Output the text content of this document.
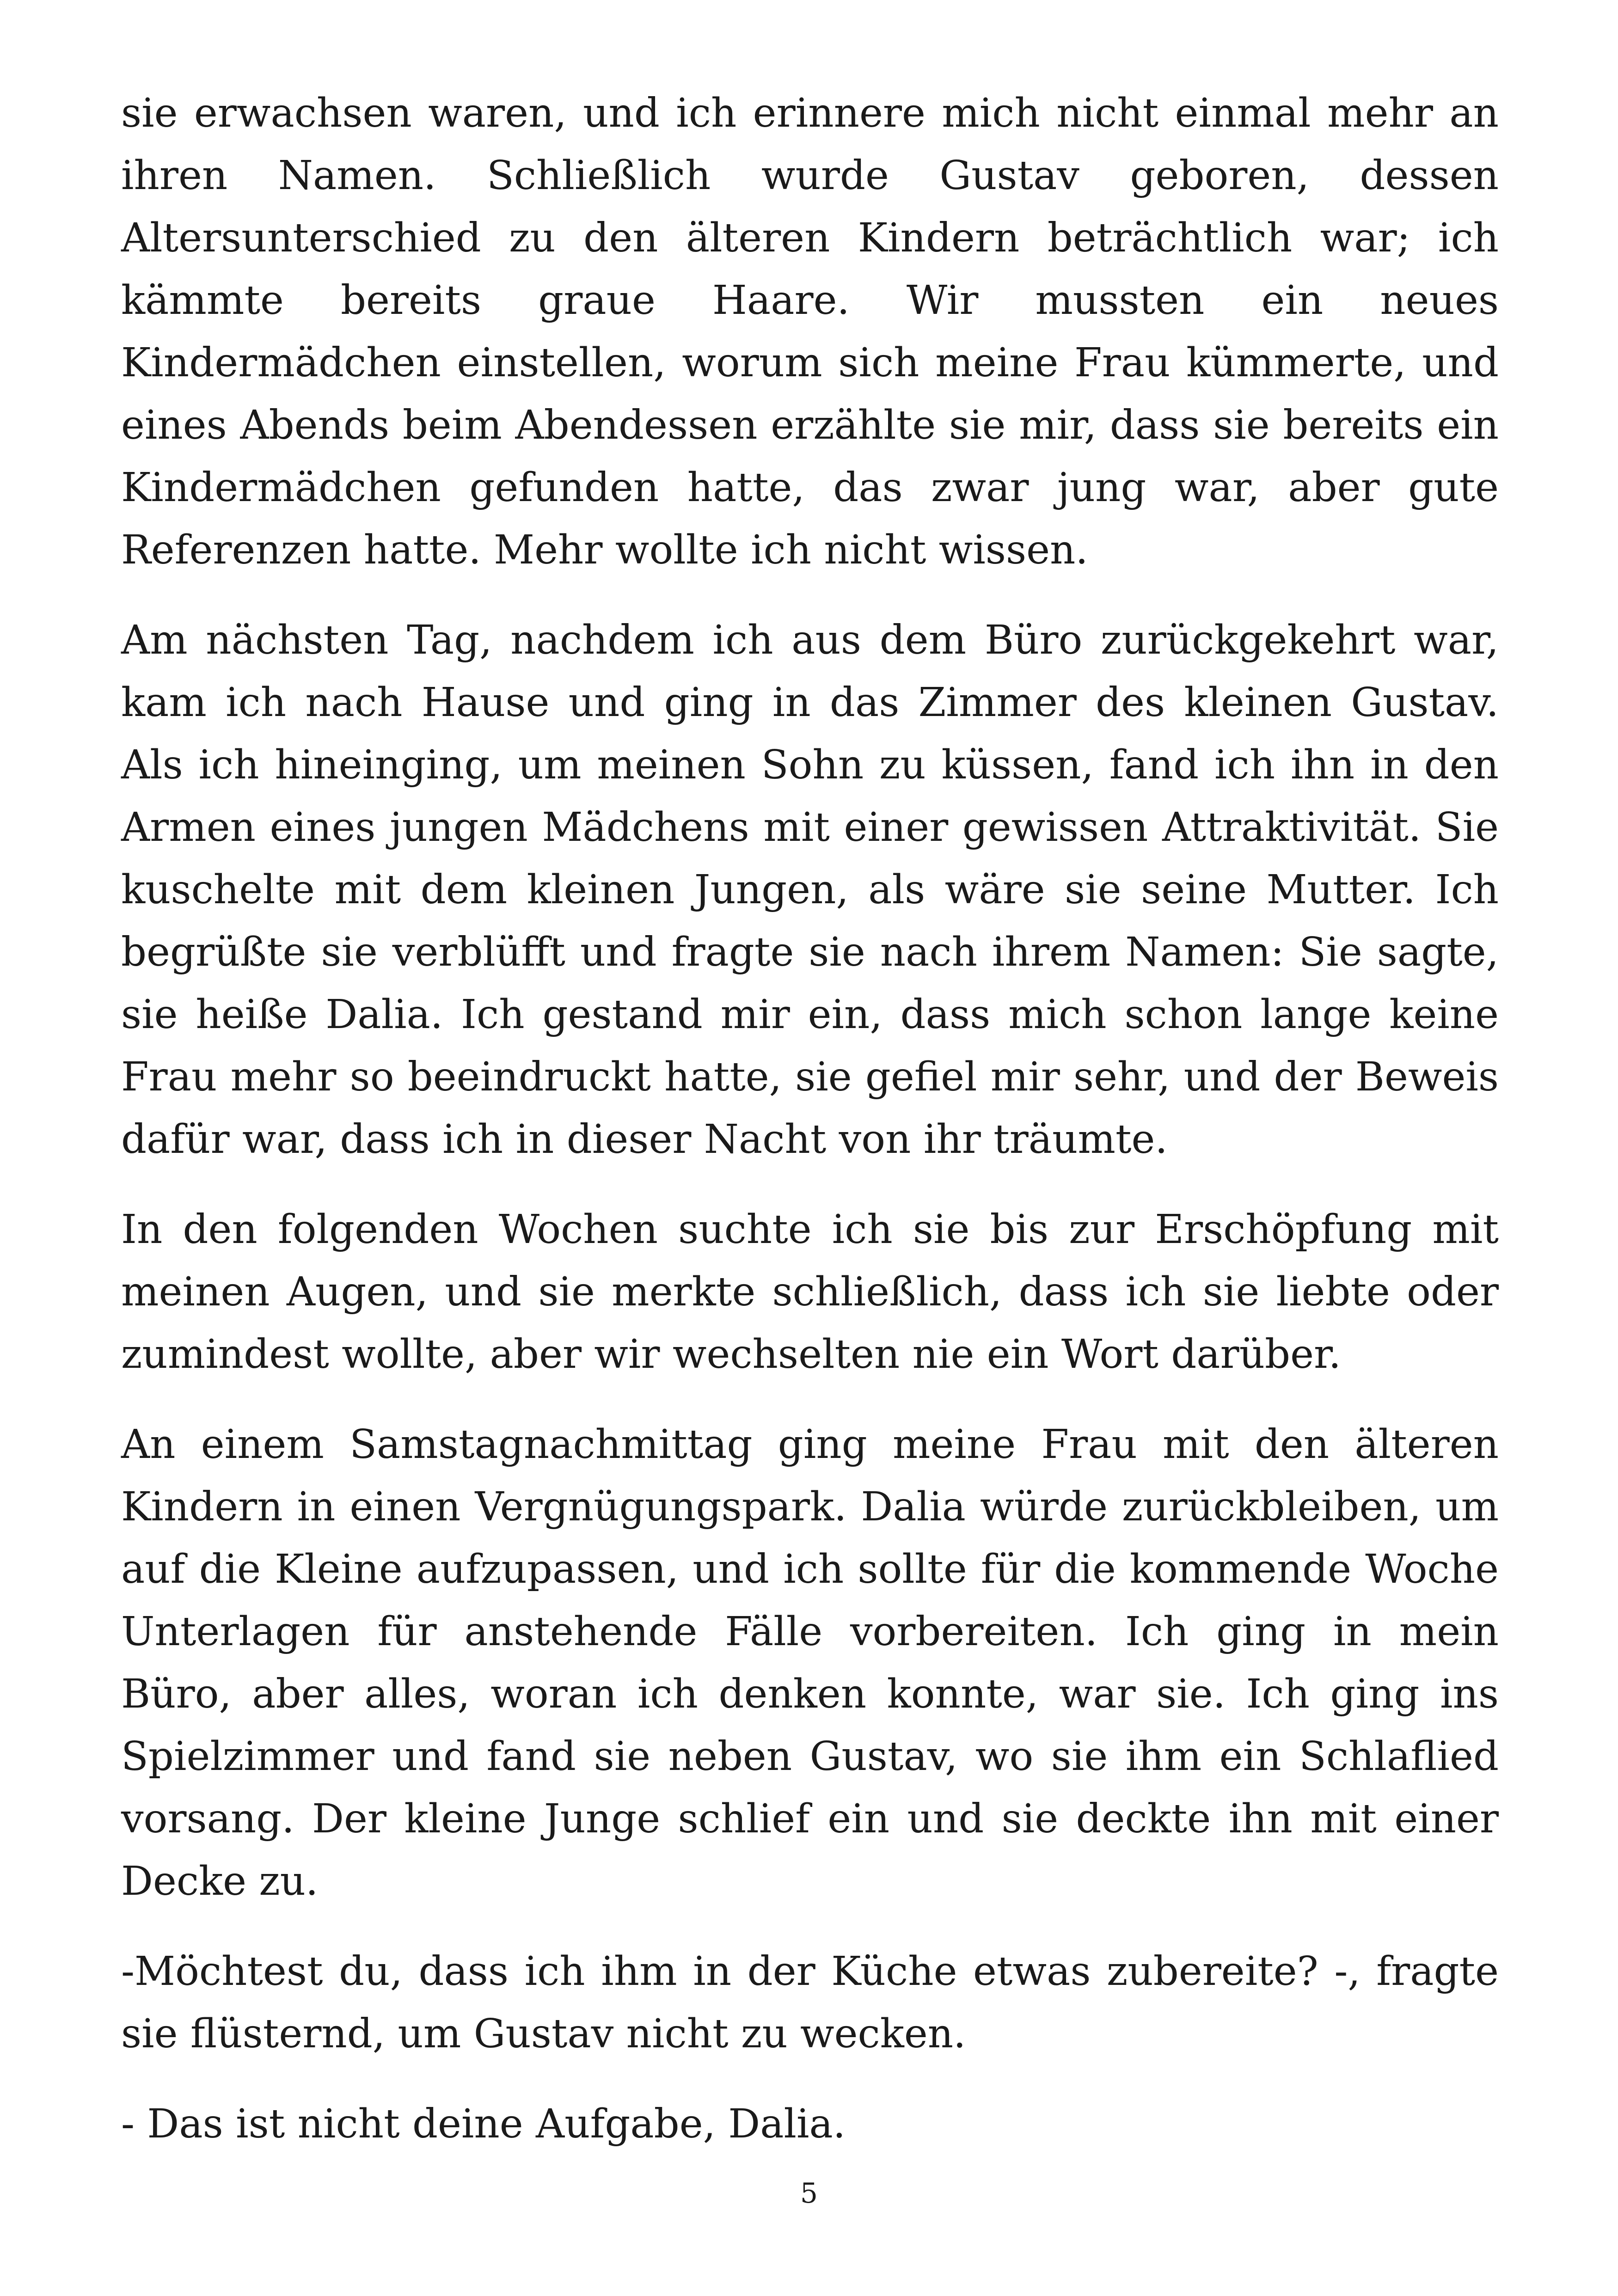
sie erwachsen waren, und ich erinnere mich nicht einmal mehr an ihren Namen. Schließlich wurde Gustav geboren, dessen Altersunterschied zu den älteren Kindern beträchtlich war; ich kämmte bereits graue Haare. Wir mussten ein neues Kindermädchen einstellen, worum sich meine Frau kümmerte, und eines Abends beim Abendessen erzählte sie mir, dass sie bereits ein Kindermädchen gefunden hatte, das zwar jung war, aber gute Referenzen hatte. Mehr wollte ich nicht wissen.

Am nächsten Tag, nachdem ich aus dem Büro zurückgekehrt war, kam ich nach Hause und ging in das Zimmer des kleinen Gustav. Als ich hineinging, um meinen Sohn zu küssen, fand ich ihn in den Armen eines jungen Mädchens mit einer gewissen Attraktivität. Sie kuschelte mit dem kleinen Jungen, als wäre sie seine Mutter. Ich begrüßte sie verblüfft und fragte sie nach ihrem Namen: Sie sagte, sie heiße Dalia. Ich gestand mir ein, dass mich schon lange keine Frau mehr so beeindruckt hatte, sie gefiel mir sehr, und der Beweis dafür war, dass ich in dieser Nacht von ihr träumte.

In den folgenden Wochen suchte ich sie bis zur Erschöpfung mit meinen Augen, und sie merkte schließlich, dass ich sie liebte oder zumindest wollte, aber wir wechselten nie ein Wort darüber.

An einem Samstagnachmittag ging meine Frau mit den älteren Kindern in einen Vergnügungspark. Dalia würde zurückbleiben, um auf die Kleine aufzupassen, und ich sollte für die kommende Woche Unterlagen für anstehende Fälle vorbereiten. Ich ging in mein Büro, aber alles, woran ich denken konnte, war sie. Ich ging ins Spielzimmer und fand sie neben Gustav, wo sie ihm ein Schlaflied vorsang. Der kleine Junge schlief ein und sie deckte ihn mit einer Decke zu.

-Möchtest du, dass ich ihm in der Küche etwas zubereite? -, fragte sie flüsternd, um Gustav nicht zu wecken.

- Das ist nicht deine Aufgabe, Dalia.

5
